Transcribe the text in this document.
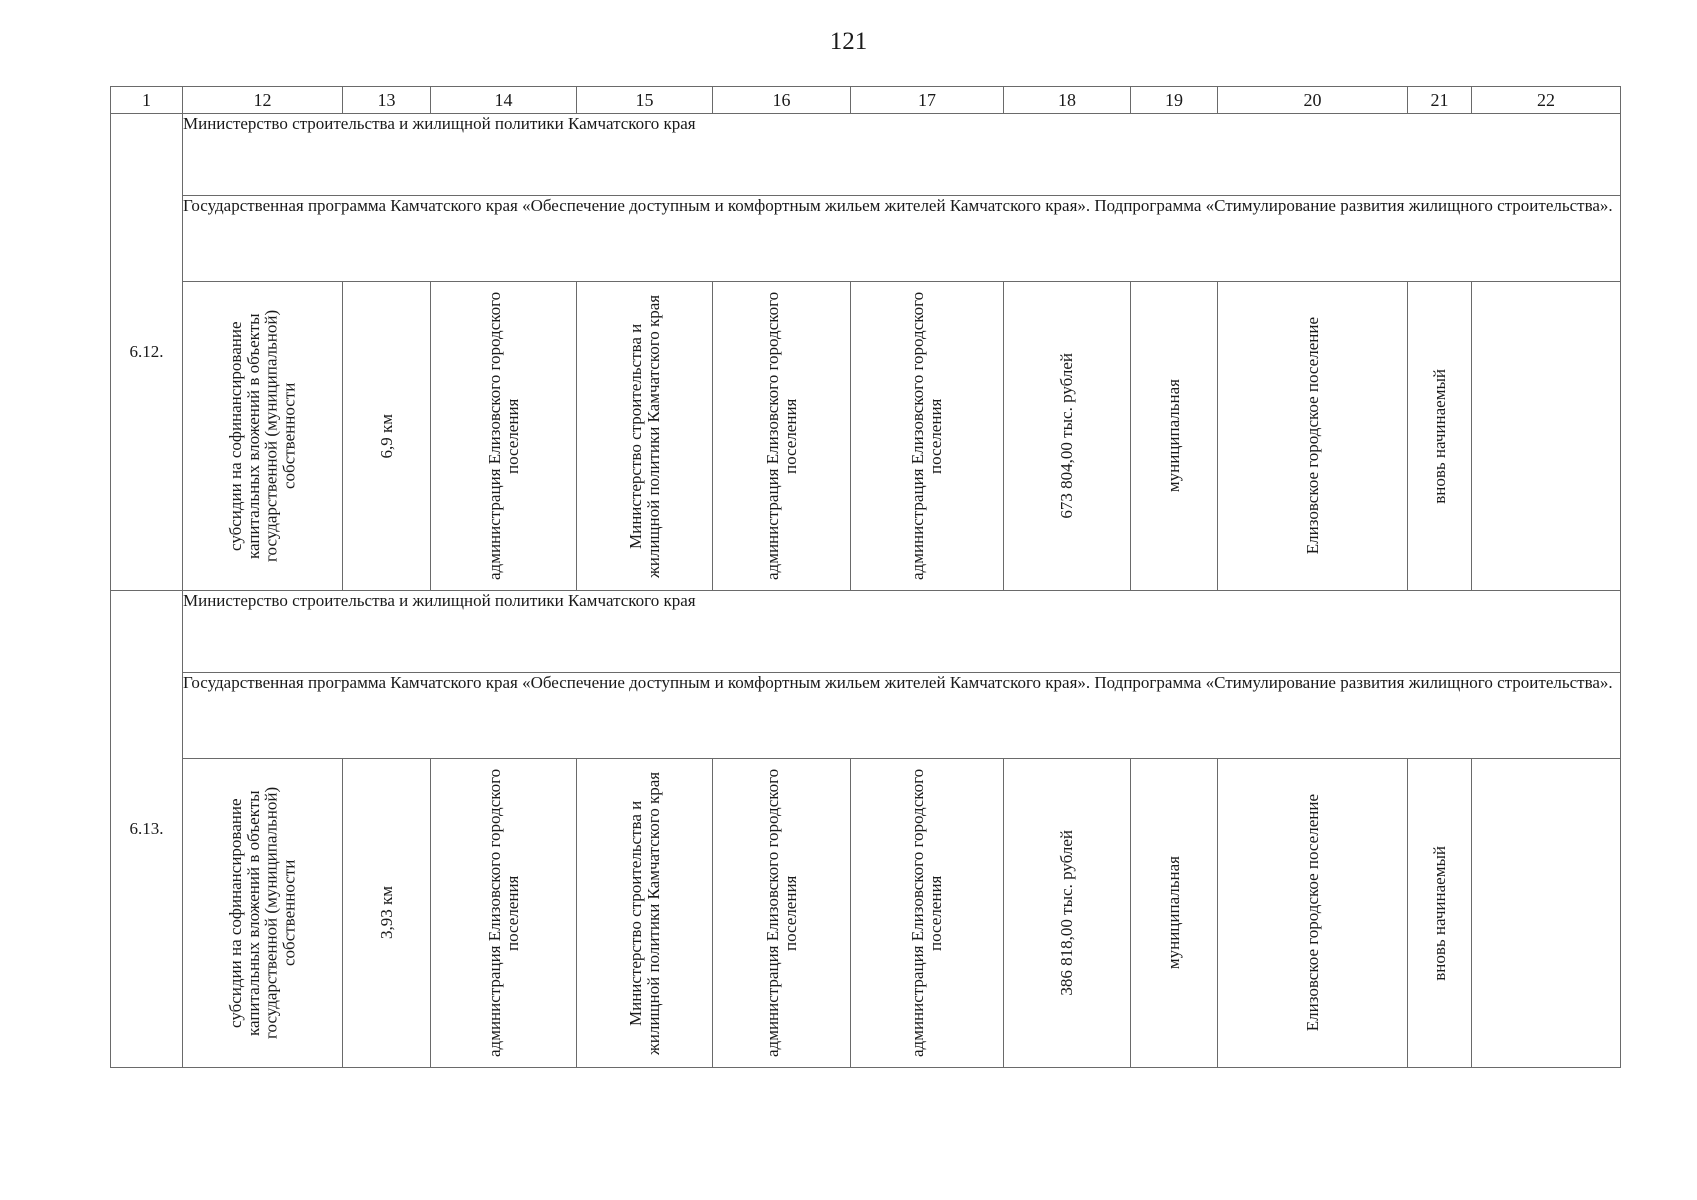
121
1	12	13	14	15	16	17	18	19	20	21	22
6.12.	Министерство строительства и жилищной политики Камчатского края										
	Государственная программа Камчатского края «Обеспечение доступным и комфортным жильем жителей Камчатского края». Подпрограмма «Стимулирование развития жилищного строительства».										

	субсидии на софинансирование капитальных вложений в объекты государственной (муниципальной) собственности	6,9 км	администрация Елизовского городского поселения	Министерство строительства и жилищной политики Камчатского края	администрация Елизовского городского поселения	администрация Елизовского городского поселения	673 804,00 тыс. рублей	муниципальная	Елизовское городское поселение	вновь начинаемый	

6.13.	Министерство строительства и жилищной политики Камчатского края										
	Государственная программа Камчатского края «Обеспечение доступным и комфортным жильем жителей Камчатского края». Подпрограмма «Стимулирование развития жилищного строительства».										

	субсидии на софинансирование капитальных вложений в объекты государственной (муниципальной) собственности	3,93 км	администрация Елизовского городского поселения	Министерство строительства и жилищной политики Камчатского края	администрация Елизовского городского поселения	администрация Елизовского городского поселения	386 818,00 тыс. рублей	муниципальная	Елизовское городское поселение	вновь начинаемый	
